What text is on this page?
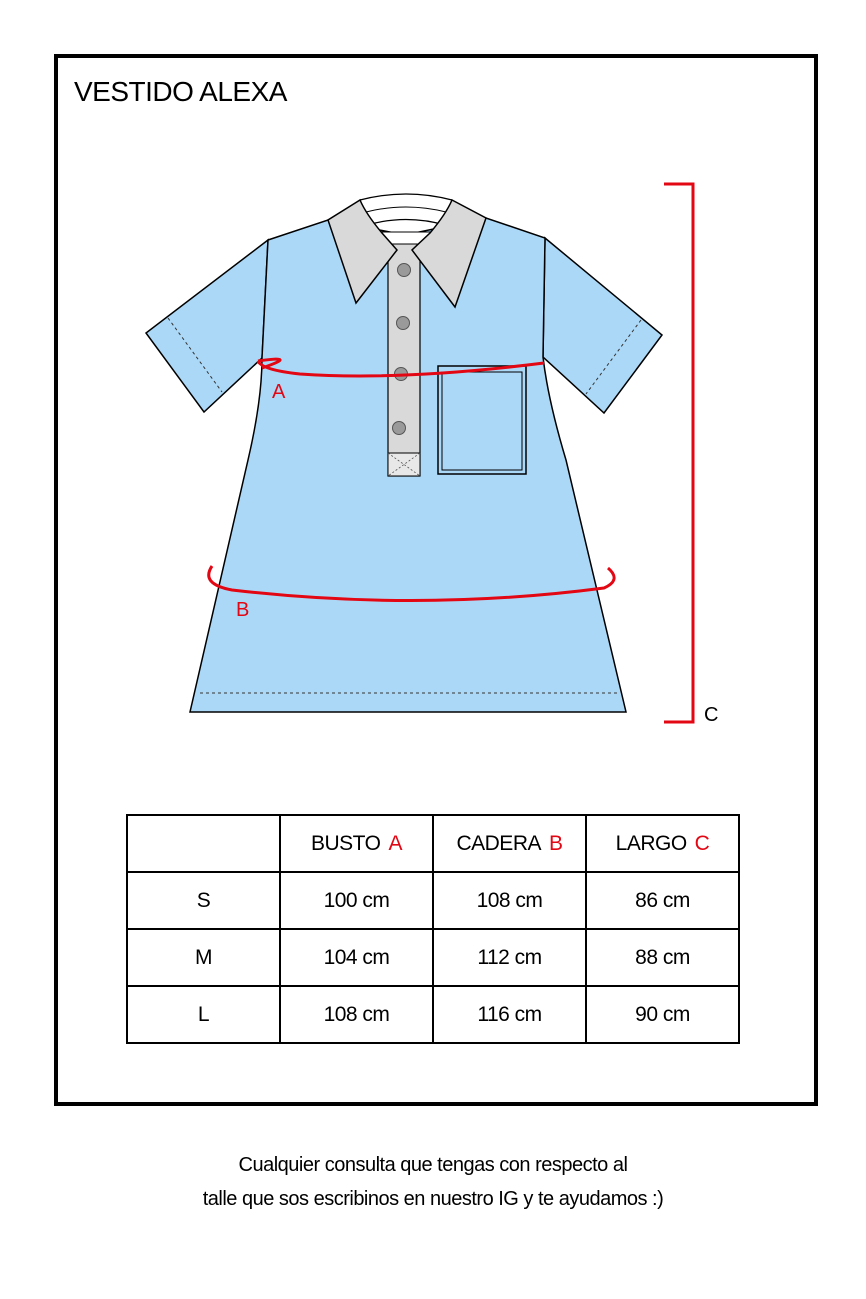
VESTIDO ALEXA
A
B
C
	BUSTO A	CADERA B	LARGO C
S	100 cm	108 cm	86 cm
M	104 cm	112 cm	88 cm
L	108 cm	116 cm	90 cm
Cualquier consulta que tengas con respecto al
talle que sos escribinos en nuestro IG y te ayudamos :)
